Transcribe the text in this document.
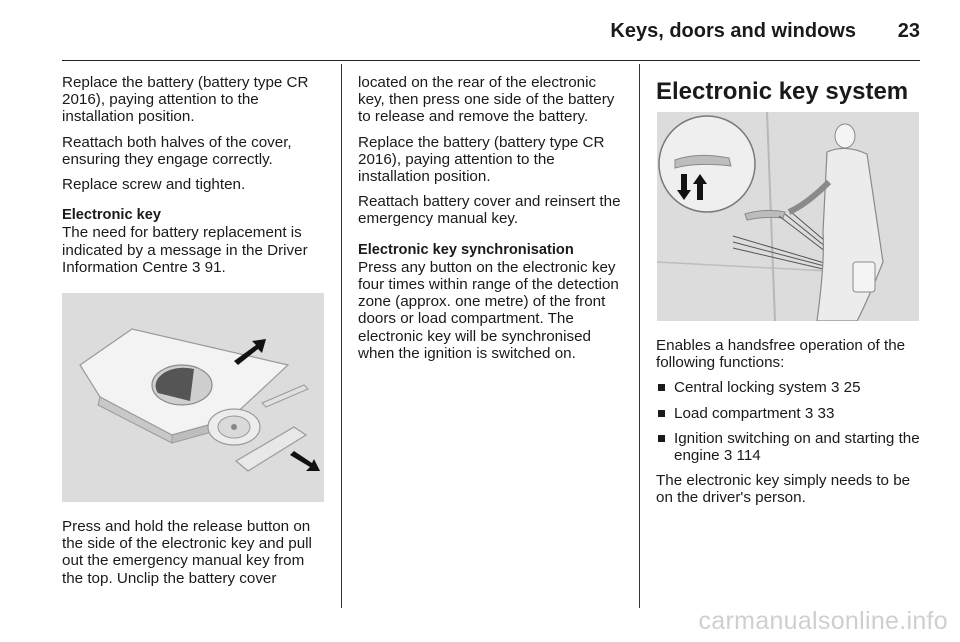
Keys, doors and windows 23

Replace the battery (battery type CR 2016), paying attention to the installation position.

Reattach both halves of the cover, ensuring they engage correctly.

Replace screw and tighten.

Electronic key

The need for battery replacement is indicated by a message in the Driver Information Centre 3 91.

Press and hold the release button on the side of the electronic key and pull out the emergency manual key from the top. Unclip the battery cover

located on the rear of the electronic key, then press one side of the battery to release and remove the battery.

Replace the battery (battery type CR 2016), paying attention to the installation position.

Reattach battery cover and reinsert the emergency manual key.

Electronic key synchronisation

Press any button on the electronic key four times within range of the detection zone (approx. one metre) of the front doors or load compartment. The electronic key will be synchronised when the ignition is switched on.

Electronic key system

Enables a handsfree operation of the following functions:

Central locking system 3 25
Load compartment 3 33
Ignition switching on and starting the engine 3 114

The electronic key simply needs to be on the driver's person.

carmanualsonline.info
